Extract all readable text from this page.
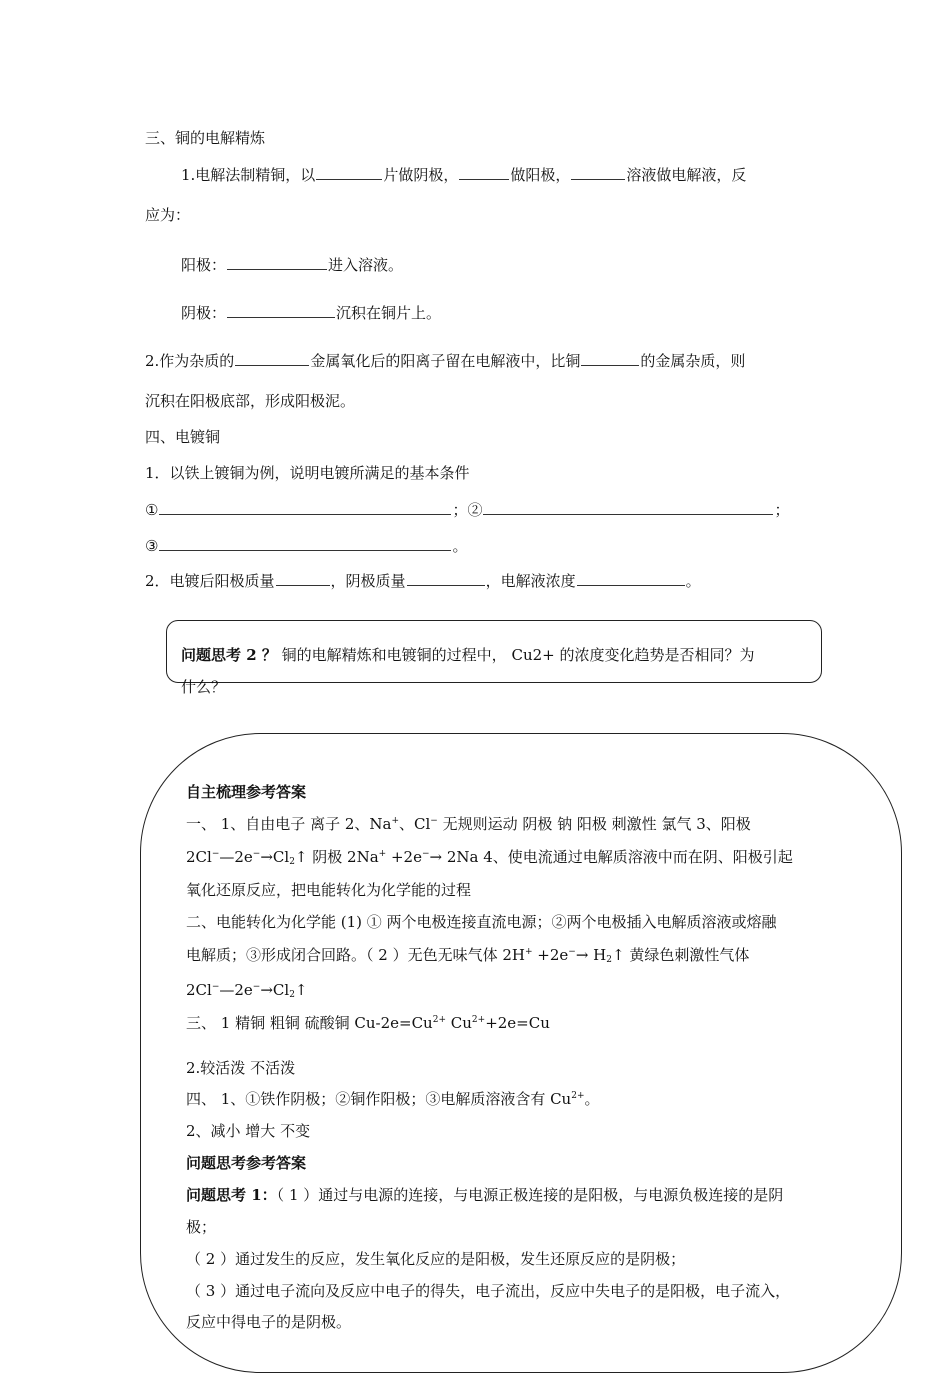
三、铜的电解精炼
1.电解法制精铜，以	片做阴极，	做阳极，	溶液做电解液，反
应为：
阳极：	进入溶液。
阴极：	沉积在铜片上。
2.作为杂质的	金属氧化后的阳离子留在电解液中，比铜	的金属杂质，则
沉积在阳极底部，形成阳极泥。
四、电镀铜
1．以铁上镀铜为例，说明电镀所满足的基本条件
①	；②	；
③	。
2．电镀后阳极质量	，阴极质量	，电解液浓度	。
问题思考 2 ？ 铜的电解精炼和电镀铜的过程中， Cu2+ 的浓度变化趋势是否相同？为
什么？
自主梳理参考答案
一、 1、自由电子 离子 2、Na+、Cl− 无规则运动 阴极 钠 阳极 刺激性 氯气 3、阳极
$2Cl^-—2e^-\to Cl_2↑$ 阴极 2Na+ +2e−→ 2Na 4、使电流通过电解质溶液中而在阴、阳极引起
氧化还原反应，把电能转化为化学能的过程
二、电能转化为化学能 (1) ① 两个电极连接直流电源；②两个电极插入电解质溶液或熔融
电解质；③形成闭合回路。（ 2 ）无色无味气体 $2H^+ +2e^-\to H_2↑$ 黄绿色刺激性气体
$2Cl^-—2e^-\to Cl_2↑$
三、 1 精铜 粗铜 硫酸铜 $Cu-2e=Cu^{2+}$ $Cu^{2+}+2e=Cu$
2.较活泼 不活泼
四、 1、①铁作阴极；②铜作阳极；③电解质溶液含有 $Cu^{2+}$。
2、减小 增大 不变
问题思考参考答案
问题思考 1：（ 1 ）通过与电源的连接，与电源正极连接的是阳极，与电源负极连接的是阴
极；
（ 2 ）通过发生的反应，发生氧化反应的是阳极，发生还原反应的是阴极；
（ 3 ）通过电子流向及反应中电子的得失，电子流出，反应中失电子的是阳极，电子流入，
反应中得电子的是阴极。
